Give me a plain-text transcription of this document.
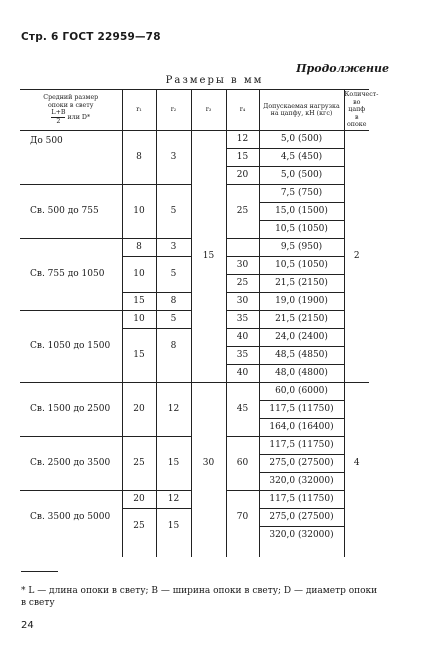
Стр. 6 ГОСТ 22959—78
Продолжение
Размеры в мм
Средний размер
опоки в свету

$\frac{L+B}{2}$ или D*	r₁	r₂	r₃	r₄	Допускаемая нагрузка
на цапфу, кН (кгс)	Количест-
во цапф
в опоке
До 500	8	3	15	12	5,0 (500)	2
				15	4,5 (450)	
				20	5,0 (500)	
Св. 500 до 755	10	5		25	7,5 (750)	
					15,0 (1500)	
					10,5 (1050)	
Св. 755 до 1050	8	3			9,5 (950)	
	10	5		30	10,5 (1050)	
				25	21,5 (2150)	
	15	8		30	19,0 (1900)	
Св. 1050 до 1500	10	5		35	21,5 (2150)	
	15	8		40	24,0 (2400)	
				35	48,5 (4850)	
				40	48,0 (4800)	
Св. 1500 до 2500	20	12	30	45	60,0 (6000)	4
					117,5 (11750)	
					164,0 (16400)	
Св. 2500 до 3500	25	15		60	117,5 (11750)	
					275,0 (27500)	
					320,0 (32000)	
Св. 3500 до 5000	20	12		70	117,5 (11750)	
	25	15			275,0 (27500)	
					320,0 (32000)	

* L — длина опоки в свету; B — ширина опоки в свету; D — диаметр опоки
в свету
24
